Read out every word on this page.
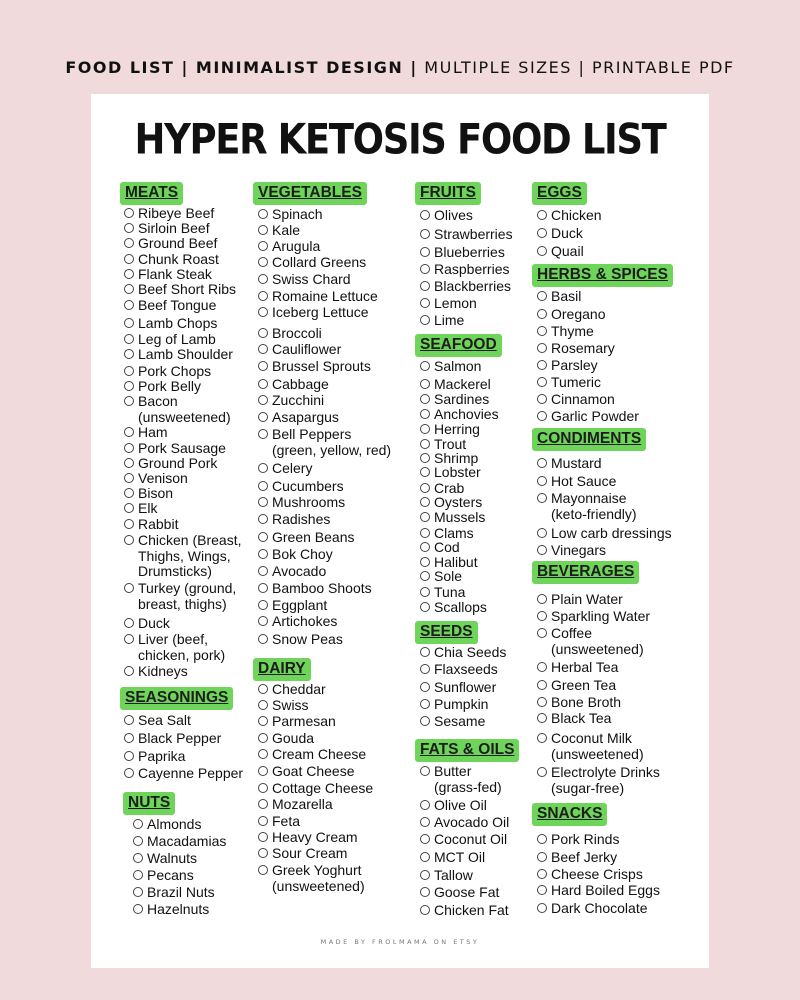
FOOD LIST | MINIMALIST DESIGN | MULTIPLE SIZES | PRINTABLE PDF
HYPER KETOSIS FOOD LIST
MEATS
Ribeye Beef
Sirloin Beef
Ground Beef
Chunk Roast
Flank Steak
Beef Short Ribs
Beef Tongue
Lamb Chops
Leg of Lamb
Lamb Shoulder
Pork Chops
Pork Belly
Bacon
(unsweetened)
Ham
Pork Sausage
Ground Pork
Venison
Bison
Elk
Rabbit
Chicken (Breast,
Thighs, Wings,
Drumsticks)
Turkey (ground,
breast, thighs)
Duck
Liver (beef,
chicken, pork)
Kidneys
SEASONINGS
Sea Salt
Black Pepper
Paprika
Cayenne Pepper
NUTS
Almonds
Macadamias
Walnuts
Pecans
Brazil Nuts
Hazelnuts
VEGETABLES
Spinach
Kale
Arugula
Collard Greens
Swiss Chard
Romaine Lettuce
Iceberg Lettuce
Broccoli
Cauliflower
Brussel Sprouts
Cabbage
Zucchini
Asapargus
Bell Peppers
(green, yellow, red)
Celery
Cucumbers
Mushrooms
Radishes
Green Beans
Bok Choy
Avocado
Bamboo Shoots
Eggplant
Artichokes
Snow Peas
DAIRY
Cheddar
Swiss
Parmesan
Gouda
Cream Cheese
Goat Cheese
Cottage Cheese
Mozarella
Feta
Heavy Cream
Sour Cream
Greek Yoghurt
(unsweetened)
FRUITS
Olives
Strawberries
Blueberries
Raspberries
Blackberries
Lemon
Lime
SEAFOOD
Salmon
Mackerel
Sardines
Anchovies
Herring
Trout
Shrimp
Lobster
Crab
Oysters
Mussels
Clams
Cod
Halibut
Sole
Tuna
Scallops
SEEDS
Chia Seeds
Flaxseeds
Sunflower
Pumpkin
Sesame
FATS & OILS
Butter
(grass-fed)
Olive Oil
Avocado Oil
Coconut Oil
MCT Oil
Tallow
Goose Fat
Chicken Fat
EGGS
Chicken
Duck
Quail
HERBS & SPICES
Basil
Oregano
Thyme
Rosemary
Parsley
Tumeric
Cinnamon
Garlic Powder
CONDIMENTS
Mustard
Hot Sauce
Mayonnaise
(keto-friendly)
Low carb dressings
Vinegars
BEVERAGES
Plain Water
Sparkling Water
Coffee
(unsweetened)
Herbal Tea
Green Tea
Bone Broth
Black Tea
Coconut Milk
(unsweetened)
Electrolyte Drinks
(sugar-free)
SNACKS
Pork Rinds
Beef Jerky
Cheese Crisps
Hard Boiled Eggs
Dark Chocolate
MADE BY FROLMAMA ON ETSY
